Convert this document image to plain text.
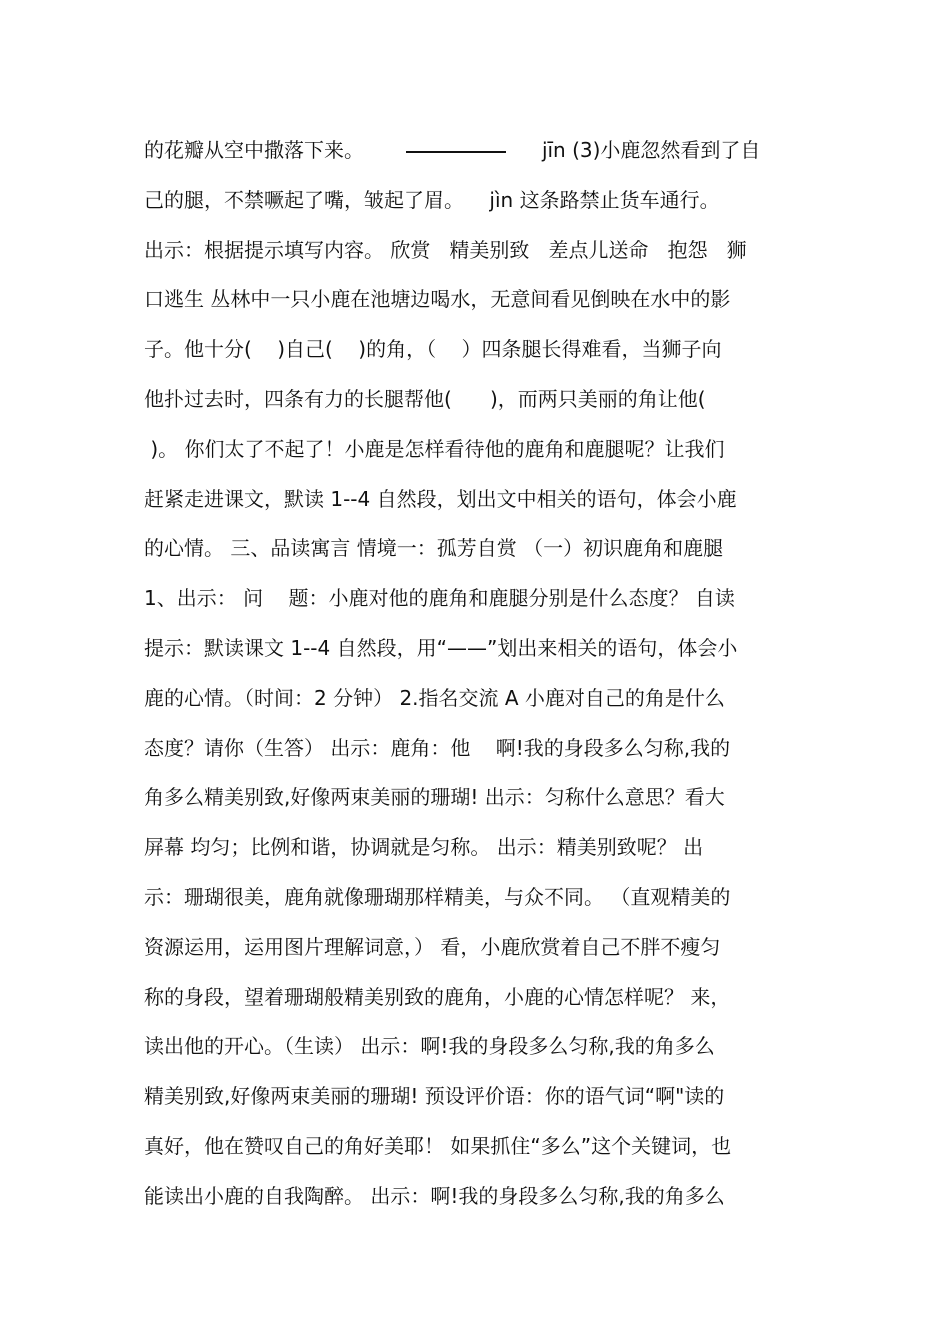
的花瓣从空中撒落下来。	jīn (3)小鹿忽然看到了自
己的腿，不禁噘起了嘴，皱起了眉。    jìn 这条路禁止货车通行。
出示：根据提示填写内容。 欣赏   精美别致   差点儿送命   抱怨   狮
口逃生 丛林中一只小鹿在池塘边喝水，无意间看见倒映在水中的影
子。他十分(    )自己(    )的角，（    ）四条腿长得难看，当狮子向
他扑过去时，四条有力的长腿帮他(      )，而两只美丽的角让他(
)。 你们太了不起了！小鹿是怎样看待他的鹿角和鹿腿呢？让我们
赶紧走进课文，默读 1--4 自然段，划出文中相关的语句，体会小鹿
的心情。 三、品读寓言 情境一：孤芳自赏 （一）初识鹿角和鹿腿
1、出示： 问    题：小鹿对他的鹿角和鹿腿分别是什么态度？ 自读
提示：默读课文 1--4 自然段，用“——”划出来相关的语句，体会小
鹿的心情。（时间：2 分钟） 2.指名交流 A 小鹿对自己的角是什么
态度？请你（生答） 出示：鹿角：他    啊!我的身段多么匀称,我的
角多么精美别致,好像两束美丽的珊瑚! 出示：匀称什么意思？看大
屏幕 均匀；比例和谐，协调就是匀称。 出示：精美别致呢？ 出
示：珊瑚很美，鹿角就像珊瑚那样精美，与众不同。 （直观精美的
资源运用，运用图片理解词意，） 看，小鹿欣赏着自己不胖不瘦匀
称的身段，望着珊瑚般精美别致的鹿角，小鹿的心情怎样呢？ 来，
读出他的开心。（生读） 出示：啊!我的身段多么匀称,我的角多么
精美别致,好像两束美丽的珊瑚! 预设评价语：你的语气词“啊"读的
真好，他在赞叹自己的角好美耶！ 如果抓住“多么”这个关键词，也
能读出小鹿的自我陶醉。 出示：啊!我的身段多么匀称,我的角多么
